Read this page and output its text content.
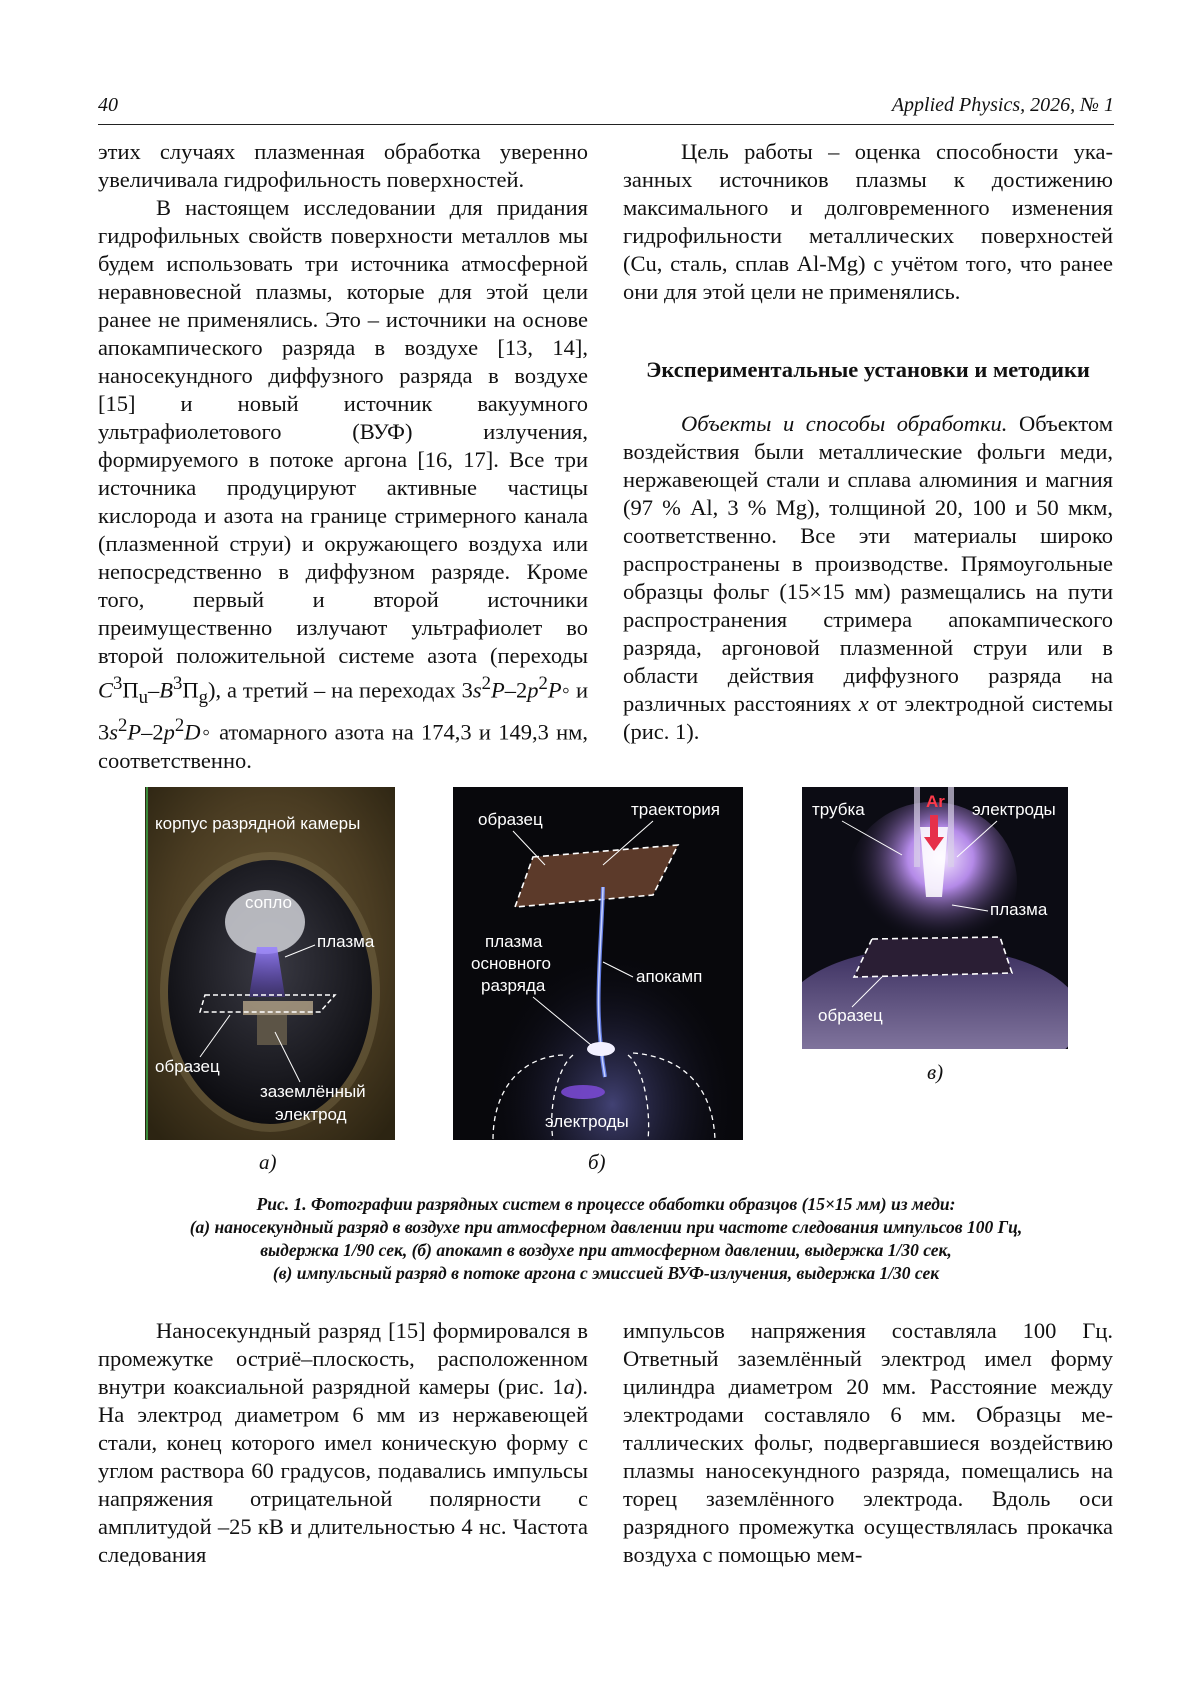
40	Applied Physics, 2026, № 1

этих случаях плазменная обработка уверенно увеличивала гидрофильность поверхностей.

В настоящем исследовании для придания гидрофильных свойств поверхности металлов мы будем использовать три источника атмосферной неравновесной плазмы, которые для этой цели ранее не применялись. Это – источники на основе апокампического разряда в воздухе [13, 14], наносекундного диффузного разряда в воздухе [15] и новый источник вакуумного ультрафиолетового (ВУФ) излучения, формируемого в потоке аргона [16, 17]. Все три источника продуцируют активные частицы кислорода и азота на границе стримерного канала (плазменной струи) и окружающего воздуха или непосредственно в диффузном разряде. Кроме того, первый и второй источники преимущественно излучают ультрафиолет во второй положительной системе азота (переходы $C^3\Pi_u-B^3\Pi_g$), а третий – на переходах $3s^2P-2p^2P◦$ и $3s^2P-2p^2D◦$ атомарного азота на 174,3 и 149,3 нм, соответственно.

Цель работы – оценка способности указанных источников плазмы к достижению максимального и долговременного изменения гидрофильности металлических поверхностей (Cu, сталь, сплав Al-Mg) с учётом того, что ранее они для этой цели не применялись.

Экспериментальные установки и методики

Объекты и способы обработки. Объектом воздействия были металлические фольги меди, нержавеющей стали и сплава алюминия и магния (97 % Al, 3 % Mg), толщиной 20, 100 и 50 мкм, соответственно. Все эти материалы широко распространены в производстве. Прямоугольные образцы фольг (15×15 мм) размещались на пути распространения стримера апокампического разряда, аргоновой плазменной струи или в области действия диффузного разряда на различных расстояниях x от электродной системы (рис. 1).

корпус разрядной камеры
сопло
плазма
образец
заземлённый
электрод
а)
образец
траектория
плазма
основного
разряда	апокамп
электроды
б)
трубка	Ar электроды
плазма
образец
в)
Рис. 1. Фотографии разрядных систем в процессе обаботки образцов (15×15 мм) из меди:
(а) наносекундный разряд в воздухе при атмосферном давлении при частоте следования импульсов 100 Гц,
выдержка 1/90 сек, (б) апокамп в воздухе при атмосферном давлении, выдержка 1/30 сек,
(в) импульсный разряд в потоке аргона с эмиссией ВУФ-излучения, выдержка 1/30 сек

Наносекундный разряд [15] формировался в промежутке остриё–плоскость, расположенном внутри коаксиальной разрядной камеры (рис. 1а). На электрод диаметром 6 мм из нержавеющей стали, конец которого имел коническую форму с углом раствора 60 градусов, подавались импульсы напряжения отрицательной полярности с амплитудой –25 кВ и длительностью 4 нс. Частота следования

импульсов напряжения составляла 100 Гц. Ответный заземлённый электрод имел форму цилиндра диаметром 20 мм. Расстояние между электродами составляло 6 мм. Образцы металлических фольг, подвергавшиеся воздействию плазмы наносекундного разряда, помещались на торец заземлённого электрода. Вдоль оси разрядного промежутка осуществлялась прокачка воздуха с помощью мем-
